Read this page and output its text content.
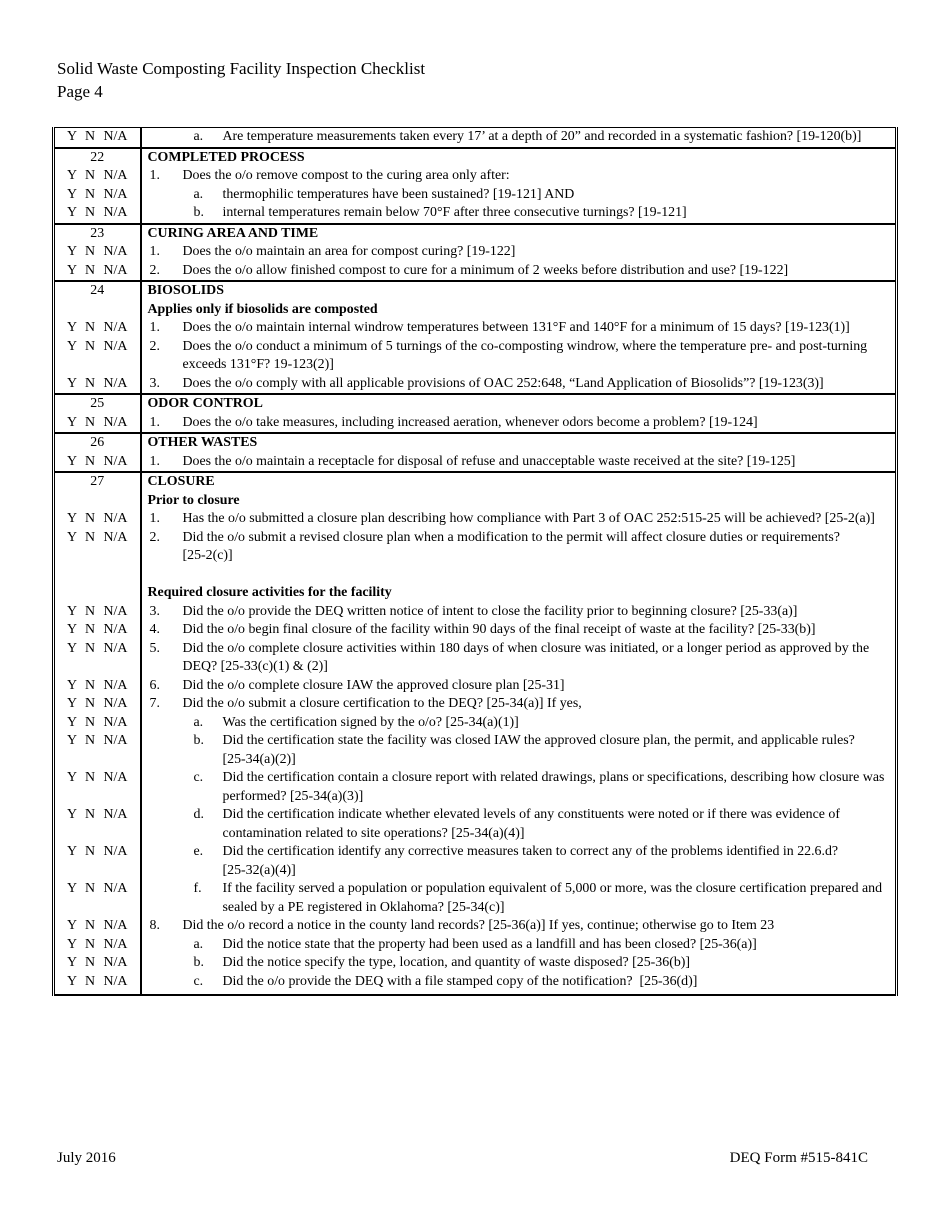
Solid Waste Composting Facility Inspection Checklist
Page 4
Y N N/A	a. Are temperature measurements taken every 17’ at a depth of 20” and recorded in a systematic fashion? [19-120(b)]

22	COMPLETED PROCESS

Y N N/A	1. Does the o/o remove compost to the curing area only after:

Y N N/A	a. thermophilic temperatures have been sustained? [19-121] AND

Y N N/A	b. internal temperatures remain below 70°F after three consecutive turnings? [19-121]

23	CURING AREA AND TIME

Y N N/A	1. Does the o/o maintain an area for compost curing? [19-122]

Y N N/A	2. Does the o/o allow finished compost to cure for a minimum of 2 weeks before distribution and use? [19-122]

24	BIOSOLIDS

	Applies only if biosolids are composted

Y N N/A	1. Does the o/o maintain internal windrow temperatures between 131°F and 140°F for a minimum of 15 days? [19-123(1)]

Y N N/A	2. Does the o/o conduct a minimum of 5 turnings of the co-composting windrow, where the temperature pre- and post-turning
exceeds 131°F? 19-123(2)]

Y N N/A	3. Does the o/o comply with all applicable provisions of OAC 252:648, “Land Application of Biosolids”? [19-123(3)]

25	ODOR CONTROL

Y N N/A	1. Does the o/o take measures, including increased aeration, whenever odors become a problem? [19-124]

26	OTHER WASTES

Y N N/A	1. Does the o/o maintain a receptacle for disposal of refuse and unacceptable waste received at the site? [19-125]

27	CLOSURE

	Prior to closure

Y N N/A	1. Has the o/o submitted a closure plan describing how compliance with Part 3 of OAC 252:515-25 will be achieved? [25-2(a)]

Y N N/A	2. Did the o/o submit a revised closure plan when a modification to the permit will affect closure duties or requirements?
[25-2(c)]

	Required closure activities for the facility

Y N N/A	3. Did the o/o provide the DEQ written notice of intent to close the facility prior to beginning closure? [25-33(a)]

Y N N/A	4. Did the o/o begin final closure of the facility within 90 days of the final receipt of waste at the facility? [25-33(b)]

Y N N/A	5. Did the o/o complete closure activities within 180 days of when closure was initiated, or a longer period as approved by the
DEQ? [25-33(c)(1) & (2)]

Y N N/A	6. Did the o/o complete closure IAW the approved closure plan [25-31]

Y N N/A	7. Did the o/o submit a closure certification to the DEQ? [25-34(a)] If yes,

Y N N/A	a. Was the certification signed by the o/o? [25-34(a)(1)]

Y N N/A	b. Did the certification state the facility was closed IAW the approved closure plan, the permit, and applicable rules?
[25-34(a)(2)]

Y N N/A	c. Did the certification contain a closure report with related drawings, plans or specifications, describing how closure was
performed? [25-34(a)(3)]

Y N N/A	d. Did the certification indicate whether elevated levels of any constituents were noted or if there was evidence of
contamination related to site operations? [25-34(a)(4)]

Y N N/A	e. Did the certification identify any corrective measures taken to correct any of the problems identified in 22.6.d?
[25-32(a)(4)]

Y N N/A	f. If the facility served a population or population equivalent of 5,000 or more, was the closure certification prepared and
sealed by a PE registered in Oklahoma? [25-34(c)]

Y N N/A	8. Did the o/o record a notice in the county land records? [25-36(a)] If yes, continue; otherwise go to Item 23

Y N N/A	a. Did the notice state that the property had been used as a landfill and has been closed? [25-36(a)]

Y N N/A	b. Did the notice specify the type, location, and quantity of waste disposed? [25-36(b)]

Y N N/A	c. Did the o/o provide the DEQ with a file stamped copy of the notification?  [25-36(d)]
July 2016	DEQ Form #515-841C
